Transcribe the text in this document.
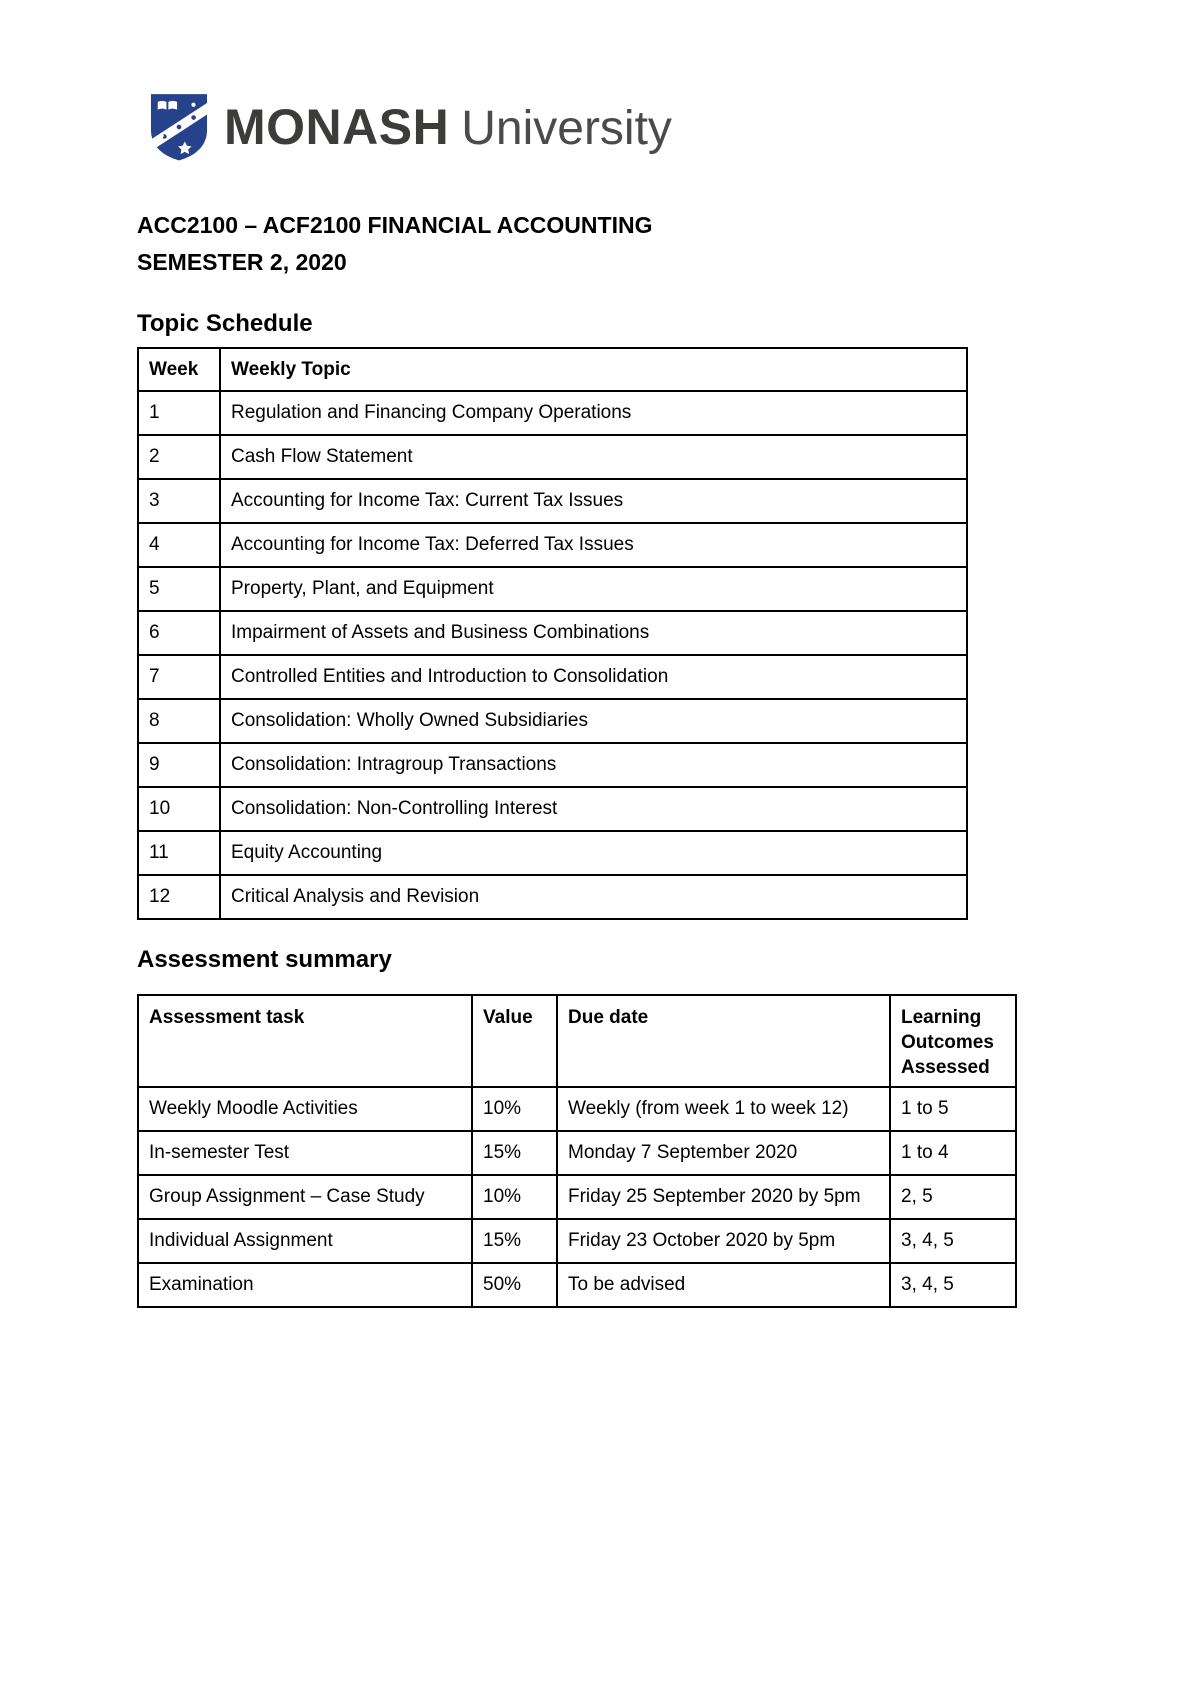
MONASH University
ACC2100 – ACF2100 FINANCIAL ACCOUNTING
SEMESTER 2, 2020
Topic Schedule
Week	Weekly Topic
1	Regulation and Financing Company Operations
2	Cash Flow Statement
3	Accounting for Income Tax: Current Tax Issues
4	Accounting for Income Tax: Deferred Tax Issues
5	Property, Plant, and Equipment
6	Impairment of Assets and Business Combinations
7	Controlled Entities and Introduction to Consolidation
8	Consolidation: Wholly Owned Subsidiaries
9	Consolidation: Intragroup Transactions
10	Consolidation: Non-Controlling Interest
11	Equity Accounting
12	Critical Analysis and Revision
Assessment summary
Assessment task	Value	Due date	Learning Outcomes Assessed
Weekly Moodle Activities	10%	Weekly (from week 1 to week 12)	1 to 5
In-semester Test	15%	Monday 7 September 2020	1 to 4
Group Assignment – Case Study	10%	Friday 25 September 2020 by 5pm	2, 5
Individual Assignment	15%	Friday 23 October 2020 by 5pm	3, 4, 5
Examination	50%	To be advised	3, 4, 5
